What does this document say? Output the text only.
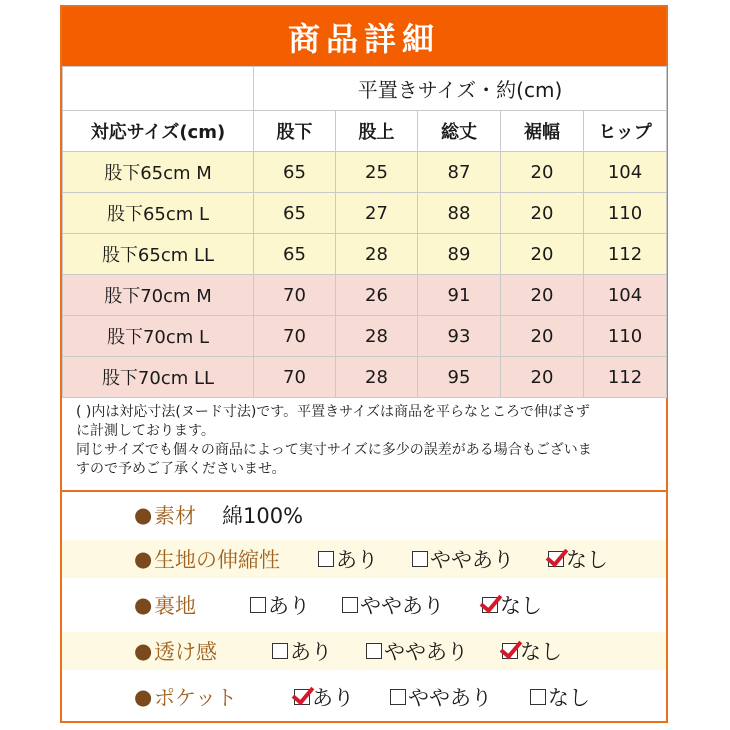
商品詳細
	平置きサイズ・約(cm)				
対応サイズ(cm)	股下	股上	総丈	裾幅	ヒップ
股下65cm M	65	25	87	20	104
股下65cm L	65	27	88	20	110
股下65cm LL	65	28	89	20	112
股下70cm M	70	26	91	20	104
股下70cm L	70	28	93	20	110
股下70cm LL	70	28	95	20	112
( )内は対応寸法(ヌード寸法)です。平置きサイズは商品を平らなところで伸ばさず
に計測しております。
同じサイズでも個々の商品によって実寸サイズに多少の誤差がある場合もございま
すので予めご了承くださいませ。
● 素材 綿100%
● 生地の伸縮性	あり	ややあり	なし
● 裏地	あり	ややあり	なし
● 透け感	あり	ややあり	なし
● ポケット	あり	ややあり	なし
